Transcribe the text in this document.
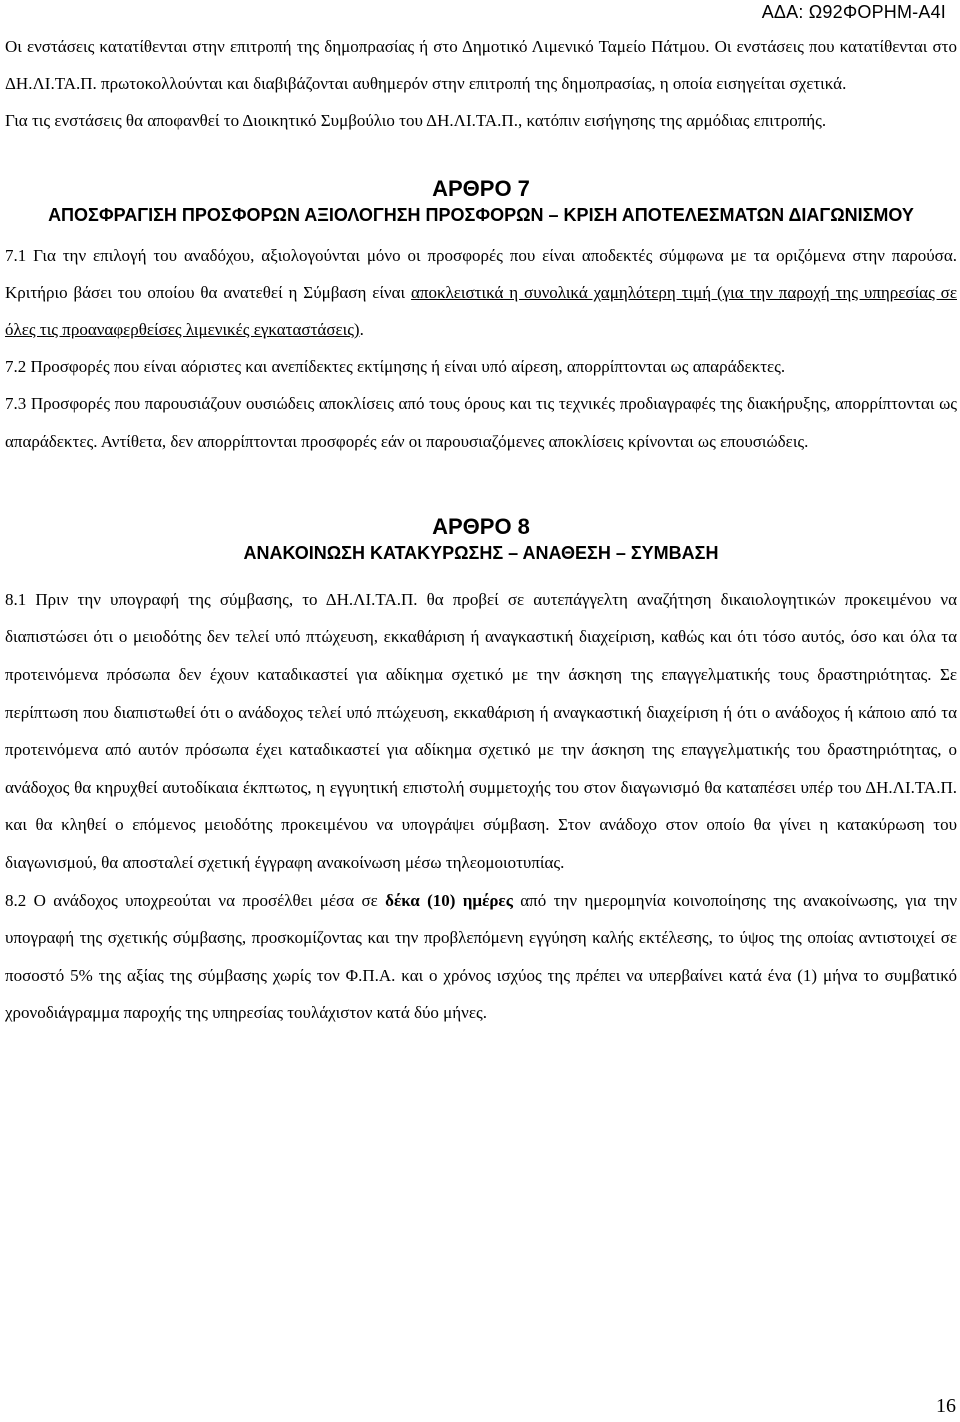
ΑΔΑ: Ω92ΦΟΡΗΜ-Α4Ι

Οι ενστάσεις κατατίθενται στην επιτροπή της δημοπρασίας ή στο Δημοτικό Λιμενικό Ταμείο Πάτμου. Οι ενστάσεις που κατατίθενται στο ΔΗ.ΛΙ.ΤΑ.Π. πρωτοκολλούνται και διαβιβάζονται αυθημερόν στην επιτροπή της δημοπρασίας, η οποία εισηγείται σχετικά.

Για τις ενστάσεις θα αποφανθεί το Διοικητικό Συμβούλιο του ΔΗ.ΛΙ.ΤΑ.Π., κατόπιν εισήγησης της αρμόδιας επιτροπής.

ΑΡΘΡΟ 7
ΑΠΟΣΦΡΑΓΙΣΗ ΠΡΟΣΦΟΡΩΝ ΑΞΙΟΛΟΓΗΣΗ ΠΡΟΣΦΟΡΩΝ – ΚΡΙΣΗ ΑΠΟΤΕΛΕΣΜΑΤΩΝ ΔΙΑΓΩΝΙΣΜΟΥ

7.1 Για την επιλογή του αναδόχου, αξιολογούνται μόνο οι προσφορές που είναι αποδεκτές σύμφωνα με τα οριζόμενα στην παρούσα. Κριτήριο βάσει του οποίου θα ανατεθεί η Σύμβαση είναι αποκλειστικά η συνολικά χαμηλότερη τιμή (για την παροχή της υπηρεσίας σε όλες τις προαναφερθείσες λιμενικές εγκαταστάσεις).

7.2 Προσφορές που είναι αόριστες και ανεπίδεκτες εκτίμησης ή είναι υπό αίρεση, απορρίπτονται ως απαράδεκτες.

7.3 Προσφορές που παρουσιάζουν ουσιώδεις αποκλίσεις από τους όρους και τις τεχνικές προδιαγραφές της διακήρυξης, απορρίπτονται ως απαράδεκτες. Αντίθετα, δεν απορρίπτονται προσφορές εάν οι παρουσιαζόμενες αποκλίσεις κρίνονται ως επουσιώδεις.

ΑΡΘΡΟ 8
ΑΝΑΚΟΙΝΩΣΗ ΚΑΤΑΚΥΡΩΣΗΣ – ΑΝΑΘΕΣΗ – ΣΥΜΒΑΣΗ

8.1 Πριν την υπογραφή της σύμβασης, το ΔΗ.ΛΙ.ΤΑ.Π. θα προβεί σε αυτεπάγγελτη αναζήτηση δικαιολογητικών προκειμένου να διαπιστώσει ότι ο μειοδότης δεν τελεί υπό πτώχευση, εκκαθάριση ή αναγκαστική διαχείριση, καθώς και ότι τόσο αυτός, όσο και όλα τα προτεινόμενα πρόσωπα δεν έχουν καταδικαστεί για αδίκημα σχετικό με την άσκηση της επαγγελματικής τους δραστηριότητας. Σε περίπτωση που διαπιστωθεί ότι ο ανάδοχος τελεί υπό πτώχευση, εκκαθάριση ή αναγκαστική διαχείριση ή ότι ο ανάδοχος ή κάποιο από τα προτεινόμενα από αυτόν πρόσωπα έχει καταδικαστεί για αδίκημα σχετικό με την άσκηση της επαγγελματικής του δραστηριότητας, ο ανάδοχος θα κηρυχθεί αυτοδίκαια έκπτωτος, η εγγυητική επιστολή συμμετοχής του στον διαγωνισμό θα καταπέσει υπέρ του ΔΗ.ΛΙ.ΤΑ.Π. και θα κληθεί ο επόμενος μειοδότης προκειμένου να υπογράψει σύμβαση. Στον ανάδοχο στον οποίο θα γίνει η κατακύρωση του διαγωνισμού, θα αποσταλεί σχετική έγγραφη ανακοίνωση μέσω τηλεομοιοτυπίας.

8.2 Ο ανάδοχος υποχρεούται να προσέλθει μέσα σε δέκα (10) ημέρες από την ημερομηνία κοινοποίησης της ανακοίνωσης, για την υπογραφή της σχετικής σύμβασης, προσκομίζοντας και την προβλεπόμενη εγγύηση καλής εκτέλεσης, το ύψος της οποίας αντιστοιχεί σε ποσοστό 5% της αξίας της σύμβασης χωρίς τον Φ.Π.Α. και ο χρόνος ισχύος της πρέπει να υπερβαίνει κατά ένα (1) μήνα το συμβατικό χρονοδιάγραμμα παροχής της υπηρεσίας τουλάχιστον κατά δύο μήνες.

16
